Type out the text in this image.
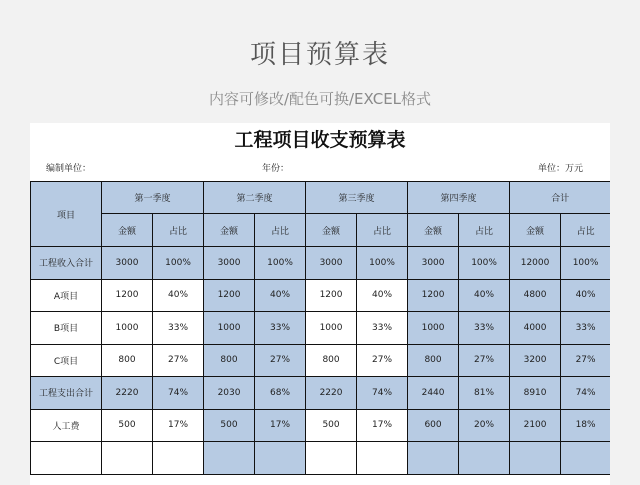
项目预算表
内容可修改/配色可换/EXCEL格式
工程项目收支预算表
编制单位：	年份：	单位：万元
项目	第一季度		第二季度		第三季度		第四季度		合计	
	金额	占比	金额	占比	金额	占比	金额	占比	金额	占比
工程收入合计	3000	100%	3000	100%	3000	100%	3000	100%	12000	100%
A项目	1200	40%	1200	40%	1200	40%	1200	40%	4800	40%
B项目	1000	33%	1000	33%	1000	33%	1000	33%	4000	33%
C项目	800	27%	800	27%	800	27%	800	27%	3200	27%
工程支出合计	2220	74%	2030	68%	2220	74%	2440	81%	8910	74%
人工费	500	17%	500	17%	500	17%	600	20%	2100	18%
